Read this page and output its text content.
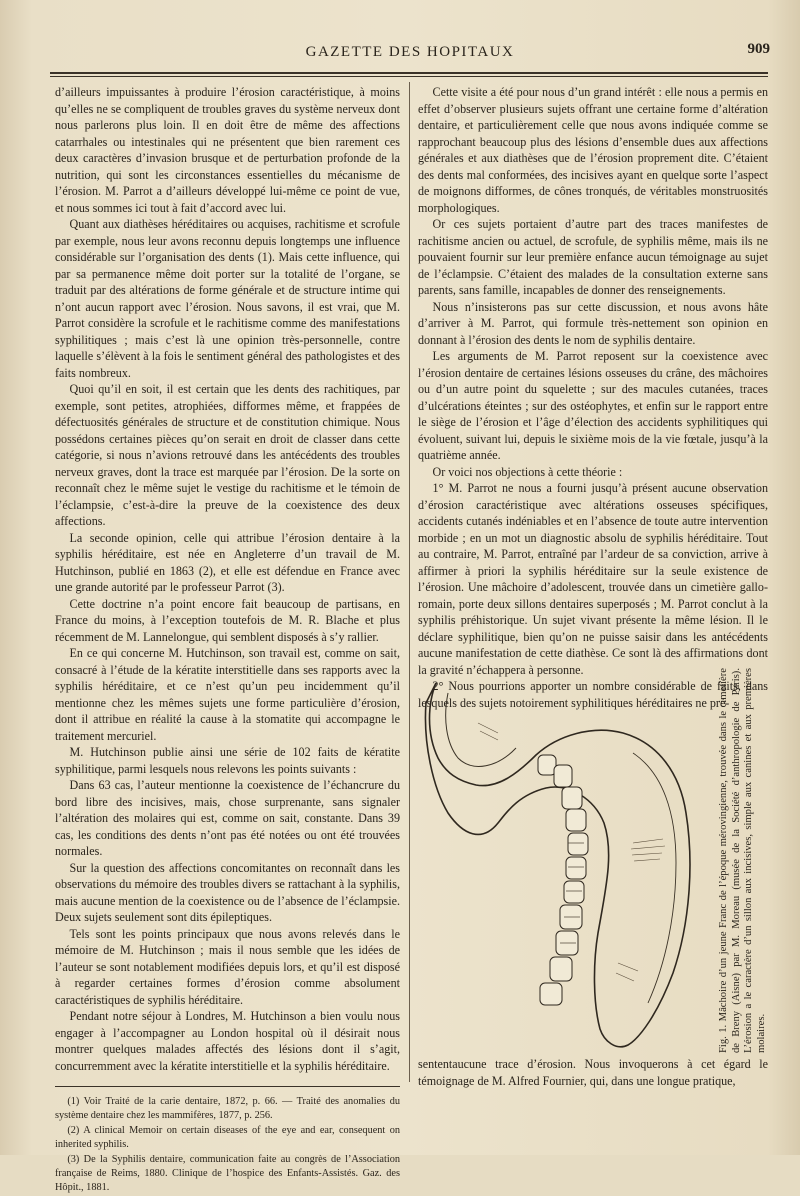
GAZETTE DES HOPITAUX	909

d’ailleurs impuissantes à produire l’érosion caractéristique, à moins qu’elles ne se compliquent de troubles graves du système nerveux dont nous parlerons plus loin. Il en doit être de même des affections catarrhales ou intestinales qui ne présentent que bien rarement ces deux caractères d’invasion brusque et de perturbation profonde de la nutrition, qui sont les circonstances essentielles du mécanisme de l’érosion. M. Parrot a d’ailleurs développé lui-même ce point de vue, et nous sommes ici tout à fait d’accord avec lui.

Quant aux diathèses héréditaires ou acquises, rachitisme et scrofule par exemple, nous leur avons reconnu depuis longtemps une influence considérable sur l’organisation des dents (1). Mais cette influence, qui par sa permanence même doit porter sur la totalité de l’organe, se traduit par des altérations de forme générale et de structure intime qui n’ont aucun rapport avec l’érosion. Nous savons, il est vrai, que M. Parrot considère la scrofule et le rachitisme comme des manifestations syphilitiques ; mais c’est là une opinion très-personnelle, contre laquelle s’élèvent à la fois le sentiment général des pathologistes et des faits nombreux.

Quoi qu’il en soit, il est certain que les dents des rachitiques, par exemple, sont petites, atrophiées, difformes même, et frappées de défectuosités générales de structure et de constitution chimique. Nous possédons certaines pièces qu’on serait en droit de classer dans cette catégorie, si nous n’avions retrouvé dans les antécédents des troubles nerveux graves, dont la trace est marquée par l’érosion. De la sorte on reconnaît chez le même sujet le vestige du rachitisme et le témoin de l’éclampsie, c’est-à-dire la preuve de la coexistence des deux affections.

La seconde opinion, celle qui attribue l’érosion dentaire à la syphilis héréditaire, est née en Angleterre d’un travail de M. Hutchinson, publié en 1863 (2), et elle est défendue en France avec une grande autorité par le professeur Parrot (3).

Cette doctrine n’a point encore fait beaucoup de partisans, en France du moins, à l’exception toutefois de M. R. Blache et plus récemment de M. Lannelongue, qui semblent disposés à s’y rallier.

En ce qui concerne M. Hutchinson, son travail est, comme on sait, consacré à l’étude de la kératite interstitielle dans ses rapports avec la syphilis héréditaire, et ce n’est qu’un peu incidemment qu’il mentionne chez les mêmes sujets une forme particulière d’érosion, dont il attribue en réalité la cause à la stomatite qui accompagne le traitement mercuriel.

M. Hutchinson publie ainsi une série de 102 faits de kératite syphilitique, parmi lesquels nous relevons les points suivants :

Dans 63 cas, l’auteur mentionne la coexistence de l’échancrure du bord libre des incisives, mais, chose surprenante, sans signaler l’altération des molaires qui est, comme on sait, constante. Dans 39 cas, les conditions des dents n’ont pas été notées ou ont été trouvées normales.

Sur la question des affections concomitantes on reconnaît dans les observations du mémoire des troubles divers se rattachant à la syphilis, mais aucune mention de la coexistence ou de l’absence de l’éclampsie. Deux sujets seulement sont dits épileptiques.

Tels sont les points principaux que nous avons relevés dans le mémoire de M. Hutchinson ; mais il nous semble que les idées de l’auteur se sont notablement modifiées depuis lors, et qu’il est disposé à regarder certaines formes d’érosion comme absolument caractéristiques de syphilis héréditaire.

Pendant notre séjour à Londres, M. Hutchinson a bien voulu nous engager à l’accompagner au London hospital où il désirait nous montrer quelques malades affectés des lésions dont il s’agit, concurremment avec la kératite interstitielle et la syphilis héréditaire.

(1) Voir Traité de la carie dentaire, 1872, p. 66. — Traité des anomalies du système dentaire chez les mammifères, 1877, p. 256.

(2) A clinical Memoir on certain diseases of the eye and ear, consequent on inherited syphilis.

(3) De la Syphilis dentaire, communication faite au congrès de l’Association française de Reims, 1880. Clinique de l’hospice des Enfants-Assistés. Gaz. des Hôpit., 1881.

Cette visite a été pour nous d’un grand intérêt : elle nous a permis en effet d’observer plusieurs sujets offrant une certaine forme d’altération dentaire, et particulièrement celle que nous avons indiquée comme se rapprochant beaucoup plus des lésions d’ensemble dues aux affections générales et aux diathèses que de l’érosion proprement dite. C’étaient des dents mal conformées, des incisives ayant en quelque sorte l’aspect de moignons difformes, de cônes tronqués, de véritables monstruosités morphologiques.

Or ces sujets portaient d’autre part des traces manifestes de rachitisme ancien ou actuel, de scrofule, de syphilis même, mais ils ne pouvaient fournir sur leur première enfance aucun témoignage au sujet de l’éclampsie. C’étaient des malades de la consultation externe sans parents, sans famille, incapables de donner des renseignements.

Nous n’insisterons pas sur cette discussion, et nous avons hâte d’arriver à M. Parrot, qui formule très-nettement son opinion en donnant à l’érosion des dents le nom de syphilis dentaire.

Les arguments de M. Parrot reposent sur la coexistence avec l’érosion dentaire de certaines lésions osseuses du crâne, des mâchoires ou d’un autre point du squelette ; sur des macules cutanées, traces d’ulcérations éteintes ; sur des ostéophytes, et enfin sur le rapport entre le siège de l’érosion et l’âge d’élection des accidents syphilitiques qui évoluent, suivant lui, depuis le sixième mois de la vie fœtale, jusqu’à la quatrième année.

Or voici nos objections à cette théorie :

1° M. Parrot ne nous a fourni jusqu’à présent aucune observation d’érosion caractéristique avec altérations osseuses spécifiques, accidents cutanés indéniables et en l’absence de toute autre intervention morbide ; en un mot un diagnostic absolu de syphilis héréditaire. Tout au contraire, M. Parrot, entraîné par l’ardeur de sa conviction, arrive à affirmer à priori la syphilis héréditaire sur la seule existence de l’érosion. Une mâchoire d’adolescent, trouvée dans un cimetière gallo-romain, porte deux sillons dentaires superposés ; M. Parrot conclut à la syphilis préhistorique. Un sujet vivant présente la même lésion. Il le déclare syphilitique, bien qu’on ne puisse saisir dans les antécédents aucune manifestation de cette diathèse. Ce sont là des affirmations dont la gravité n’échappera à personne.

2° Nous pourrions apporter un nombre considérable de faits, dans lesquels des sujets notoirement syphilitiques héréditaires ne pré-

Fig. 1. Mâchoire d’un jeune Franc de l’époque mérovingienne, trouvée dans le cimetière de Breny (Aisne) par M. Moreau (musée de la Société d’anthropologie de Paris). L’érosion a le caractère d’un sillon aux incisives, simple aux canines et aux premières molaires.

sententaucune trace d’érosion. Nous invoquerons à cet égard le témoignage de M. Alfred Fournier, qui, dans une longue pratique,
